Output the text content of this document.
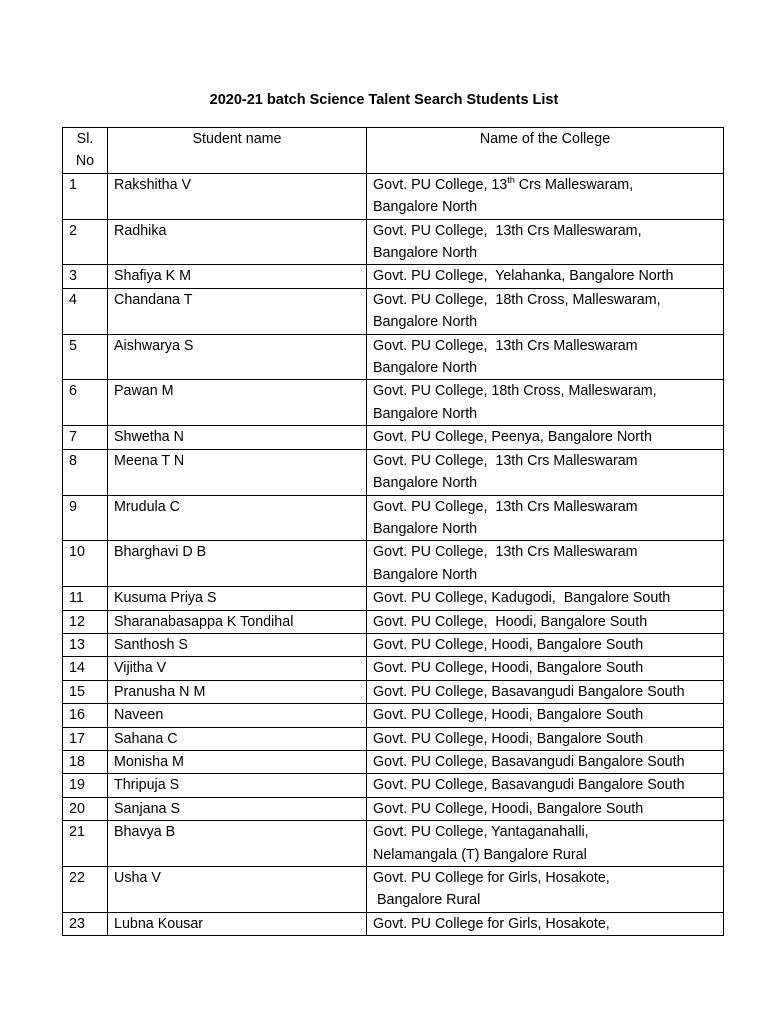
2020-21 batch Science Talent Search Students List
Sl.
No	Student name	Name of the College
1	Rakshitha V	Govt. PU College, 13th Crs Malleswaram,
Bangalore North

2	Radhika	Govt. PU College,  13th Crs Malleswaram,
Bangalore North

3	Shafiya K M	Govt. PU College,  Yelahanka, Bangalore North

4	Chandana T	Govt. PU College,  18th Cross, Malleswaram,
Bangalore North

5	Aishwarya S	Govt. PU College,  13th Crs Malleswaram
Bangalore North

6	Pawan M	Govt. PU College, 18th Cross, Malleswaram,
Bangalore North

7	Shwetha N	Govt. PU College, Peenya, Bangalore North

8	Meena T N	Govt. PU College,  13th Crs Malleswaram
Bangalore North

9	Mrudula C	Govt. PU College,  13th Crs Malleswaram
Bangalore North

10	Bharghavi D B	Govt. PU College,  13th Crs Malleswaram
Bangalore North

11	Kusuma Priya S	Govt. PU College, Kadugodi,  Bangalore South

12	Sharanabasappa K Tondihal	Govt. PU College,  Hoodi, Bangalore South

13	Santhosh S	Govt. PU College, Hoodi, Bangalore South

14	Vijitha V	Govt. PU College, Hoodi, Bangalore South

15	Pranusha N M	Govt. PU College, Basavangudi Bangalore South

16	Naveen	Govt. PU College, Hoodi, Bangalore South

17	Sahana C	Govt. PU College, Hoodi, Bangalore South

18	Monisha M	Govt. PU College, Basavangudi Bangalore South

19	Thripuja S	Govt. PU College, Basavangudi Bangalore South

20	Sanjana S	Govt. PU College, Hoodi, Bangalore South

21	Bhavya B	Govt. PU College, Yantaganahalli,
Nelamangala (T) Bangalore Rural

22	Usha V	Govt. PU College for Girls, Hosakote,
Bangalore Rural

23	Lubna Kousar	Govt. PU College for Girls, Hosakote,
